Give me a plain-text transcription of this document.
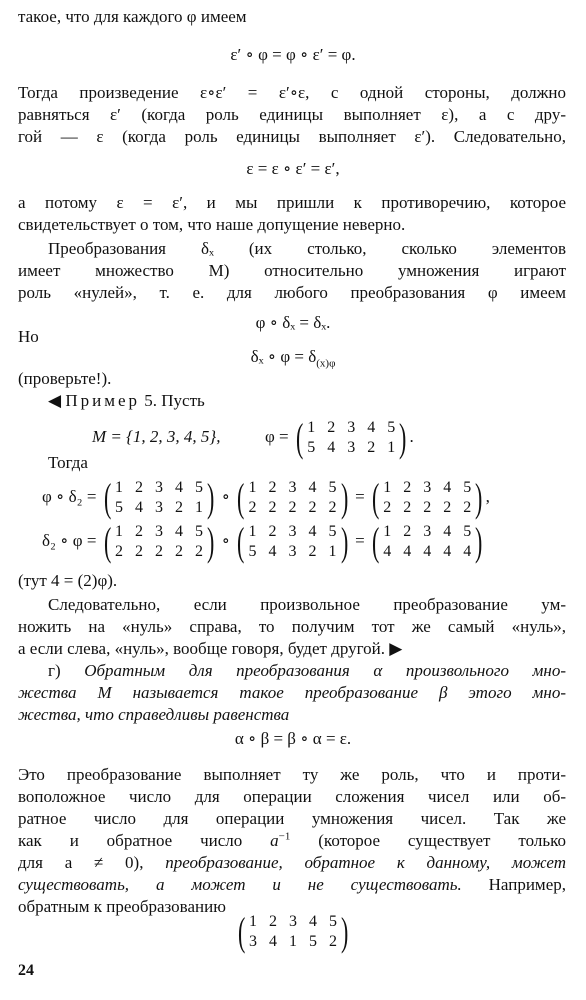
такое, что для каждого φ имеем
ε′ ∘ φ = φ ∘ ε′ = φ.
Тогда произведение ε∘ε′ = ε′∘ε, с одной стороны, должно
равняться ε′ (когда роль единицы выполняет ε), а с дру-
гой — ε (когда роль единицы выполняет ε′). Следовательно,
ε = ε ∘ ε′ = ε′,
а потому ε = ε′, и мы пришли к противоречию, которое
свидетельствует о том, что наше допущение неверно.
Преобразования δₓ (их столько, сколько элементов
имеет множество M) относительно умножения играют
роль «нулей», т. е. для любого преобразования φ имеем
φ ∘ δₓ = δₓ.
Но
δₓ ∘ $\varphi = \delta_{(x)\varphi}$
(проверьте!).
◀ Пример 5. Пусть
M = {1, 2, 3, 4, 5},	φ = ( 1 2 3 4 5
5 4 3 2 1 ) .
Тогда
φ ∘ δ₂ = ( 1 2 3 4 5
5 4 3 2 1 ) ∘ ( 1 2 3 4 5
2 2 2 2 2 ) = ( 1 2 3 4 5
2 2 2 2 2 ) ,
δ₂ ∘ φ = ( 1 2 3 4 5
2 2 2 2 2 ) ∘ ( 1 2 3 4 5
5 4 3 2 1 ) = ( 1 2 3 4 5
4 4 4 4 4 )
(тут 4 = (2)φ).
Следовательно, если произвольное преобразование ум-
ножить на «нуль» справа, то получим тот же самый «нуль»,
а если слева, «нуль», вообще говоря, будет другой. ▶
г) Обратным для преобразования α произвольного мно-
жества M называется такое преобразование β этого мно-
жества, что справедливы равенства
α ∘ β = β ∘ α = ε.
Это преобразование выполняет ту же роль, что и проти-
воположное число для операции сложения чисел или об-
ратное число для операции умножения чисел. Так же
как и обратное число $a^{-1}$ (которое существует только
для a ≠ 0), преобразование, обратное к данному, может
существовать, а может и не существовать. Например,
обратным к преобразованию
( 1 2 3 4 5
3 4 1 5 2 )
24
